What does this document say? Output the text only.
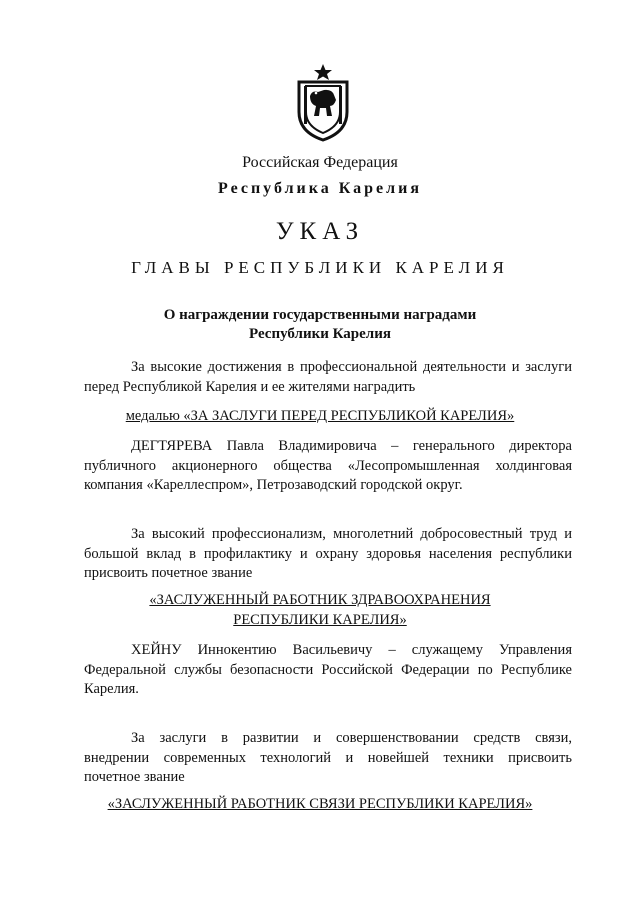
Российская Федерация
Республика Карелия
УКАЗ
ГЛАВЫ РЕСПУБЛИКИ КАРЕЛИЯ
О награждении государственными наградами
Республики Карелия
За высокие достижения в профессиональной деятельности и заслуги
перед Республикой Карелия и ее жителями наградить
медалью «ЗА ЗАСЛУГИ ПЕРЕД РЕСПУБЛИКОЙ КАРЕЛИЯ»
ДЕГТЯРЕВА Павла Владимировича – генерального директора
публичного акционерного общества «Лесопромышленная холдинговая
компания «Кареллеспром», Петрозаводский городской округ.
За высокий профессионализм, многолетний добросовестный труд и
большой вклад в профилактику и охрану здоровья населения республики
присвоить почетное звание
«ЗАСЛУЖЕННЫЙ РАБОТНИК ЗДРАВООХРАНЕНИЯ
РЕСПУБЛИКИ КАРЕЛИЯ»
ХЕЙНУ Иннокентию Васильевичу – служащему Управления
Федеральной службы безопасности Российской Федерации по Республике
Карелия.
За заслуги в развитии и совершенствовании средств связи,
внедрении современных технологий и новейшей техники присвоить
почетное звание
«ЗАСЛУЖЕННЫЙ РАБОТНИК СВЯЗИ РЕСПУБЛИКИ КАРЕЛИЯ»
